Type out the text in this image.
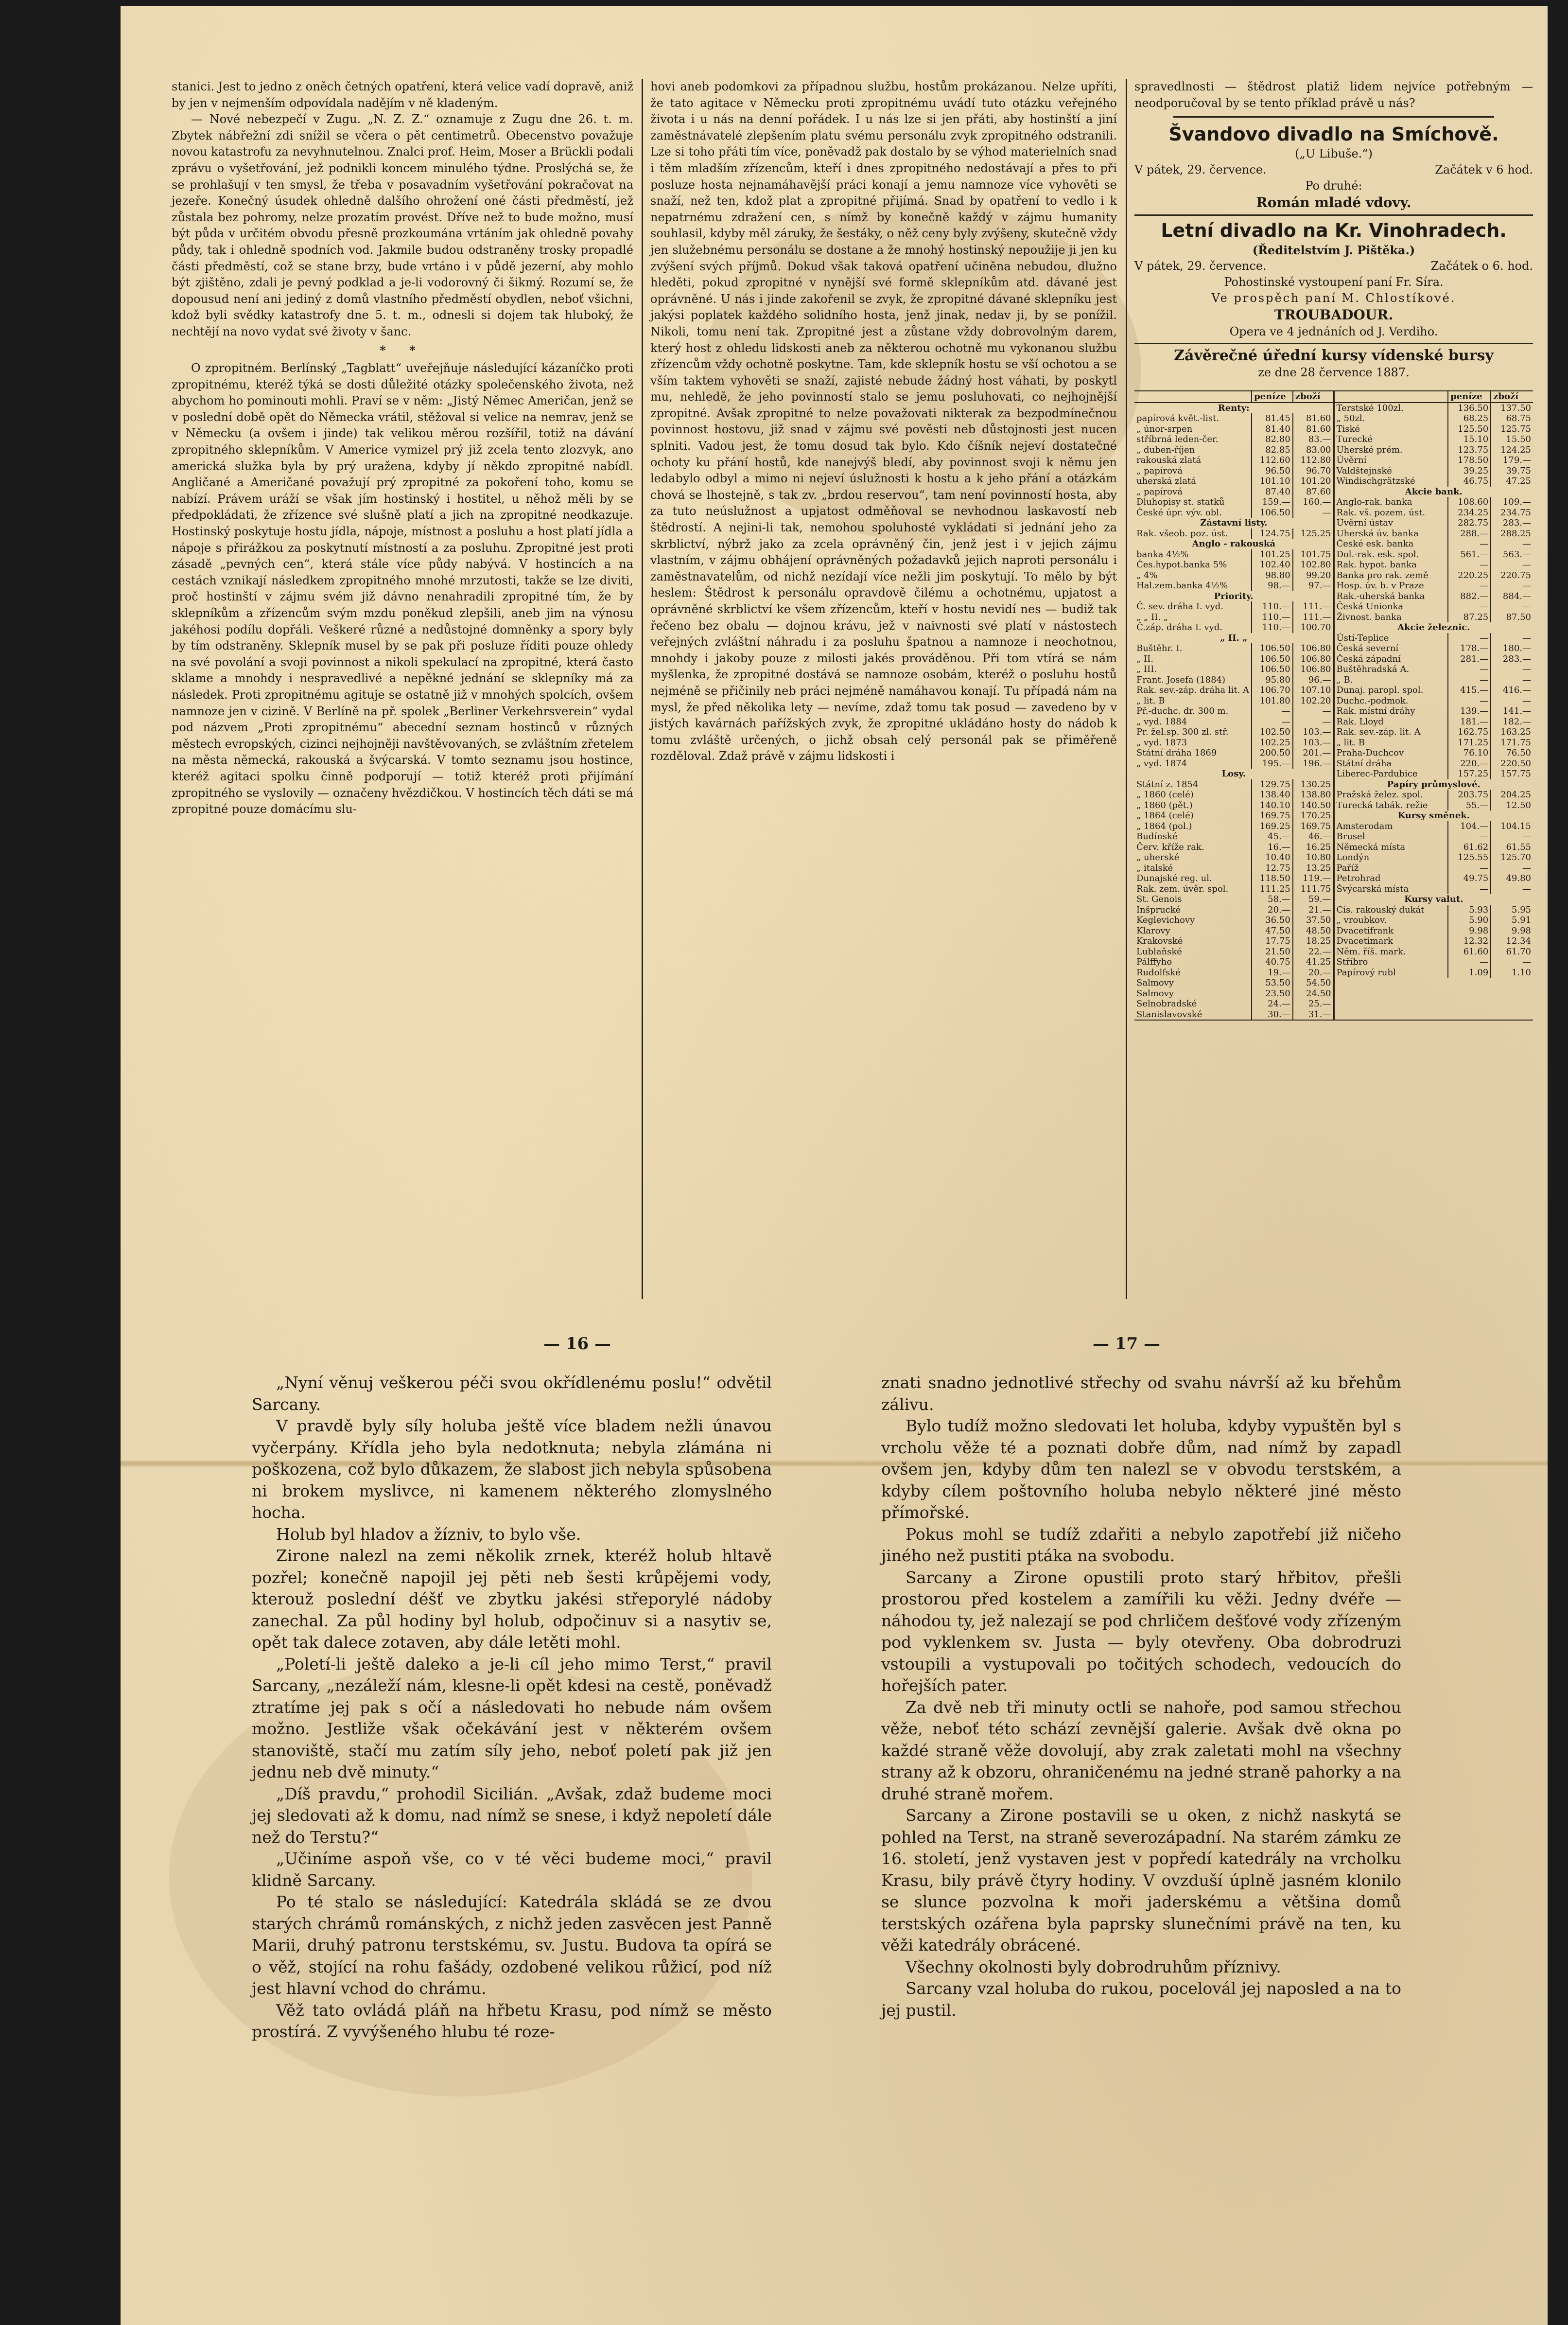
stanici. Jest to jedno z oněch četných opatření, která velice vadí dopravě, aniž by jen v nejmenším odpovídala nadějím v ně kladeným.

— Nové nebezpečí v Zugu. „N. Z. Z.“ oznamuje z Zugu dne 26. t. m. Zbytek nábřežní zdi snížil se včera o pět centimetrů. Obecenstvo považuje novou katastrofu za nevyhnutelnou. Znalci prof. Heim, Moser a Brückli podali zprávu o vyšetřování, jež podnikli koncem minulého týdne. Proslýchá se, že se prohlašují v ten smysl, že třeba v posavadním vyšetřování pokračovat na jezeře. Konečný úsudek ohledně dalšího ohrožení oné části předměstí, jež zůstala bez pohromy, nelze prozatím provést. Dříve než to bude možno, musí být půda v určitém obvodu přesně prozkoumána vrtáním jak ohledně povahy půdy, tak i ohledně spodních vod. Jakmile budou odstraněny trosky propadlé části předměstí, což se stane brzy, bude vrtáno i v půdě jezerní, aby mohlo být zjištěno, zdali je pevný podklad a je-li vodorovný či šikmý. Rozumí se, že dopousud není ani jediný z domů vlastního předměstí obydlen, neboť všichni, kdož byli svědky katastrofy dne 5. t. m., odnesli si dojem tak hluboký, že nechtějí na novo vydat své životy v šanc.

* *

O zpropitném. Berlínský „Tagblatt“ uveřejňuje následující kázaníčko proti zpropitnému, kteréž týká se dosti důležité otázky společenského života, než abychom ho pominouti mohli. Praví se v něm: „Jistý Němec Američan, jenž se v poslední době opět do Německa vrátil, stěžoval si velice na nemrav, jenž se v Německu (a ovšem i jinde) tak velikou měrou rozšířil, totiž na dávání zpropitného sklepníkům. V Americe vymizel prý již zcela tento zlozvyk, ano americká služka byla by prý uražena, kdyby jí někdo zpropitné nabídl. Angličané a Američané považují prý zpropitné za pokoření toho, komu se nabízí. Právem uráží se však jím hostinský i hostitel, u něhož měli by se předpokládati, že zřízence své slušně platí a jich na zpropitné neodkazuje. Hostinský poskytuje hostu jídla, nápoje, místnost a posluhu a host platí jídla a nápoje s přirážkou za poskytnutí místností a za posluhu. Zpropitné jest proti zásadě „pevných cen“, která stále více půdy nabývá. V hostincích a na cestách vznikají následkem zpropitného mnohé mrzutosti, takže se lze diviti, proč hostinští v zájmu svém již dávno nenahradili zpropitné tím, že by sklepníkům a zřízencům svým mzdu poněkud zlepšili, aneb jim na výnosu jakéhosi podílu dopřáli. Veškeré různé a nedůstojné domněnky a spory byly by tím odstraněny. Sklepník musel by se pak při posluze říditi pouze ohledy na své povolání a svoji povinnost a nikoli spekulací na zpropitné, která často sklame a mnohdy i nespravedlivé a nepěkné jednání se sklepníky má za následek. Proti zpropitnému agituje se ostatně již v mnohých spolcích, ovšem namnoze jen v cizině. V Berlíně na př. spolek „Berliner Verkehrsverein“ vydal pod názvem „Proti zpropitnému“ abecední seznam hostinců v různých městech evropských, cizinci nejhojněji navštěvovaných, se zvláštním zřetelem na města německá, rakouská a švýcarská. V tomto seznamu jsou hostince, kteréž agitaci spolku činně podporují — totiž kteréž proti přijímání zpropitného se vyslovily — označeny hvězdičkou. V hostincích těch dáti se má zpropitné pouze domácímu slu-

hovi aneb podomkovi za případnou službu, hostům prokázanou. Nelze upříti, že tato agitace v Německu proti zpropitnému uvádí tuto otázku veřejného života i u nás na denní pořádek. I u nás lze si jen přáti, aby hostinští a jiní zaměstnávatelé zlepšením platu svému personálu zvyk zpropitného odstranili. Lze si toho přáti tím více, poněvadž pak dostalo by se výhod materielních snad i těm mladším zřízencům, kteří i dnes zpropitného nedostávají a přes to při posluze hosta nejnamáhavější práci konají a jemu namnoze více vyhověti se snaží, než ten, kdož plat a zpropitné přijímá. Snad by opatření to vedlo i k nepatrnému zdražení cen, s nímž by konečně každý v zájmu humanity souhlasil, kdyby měl záruky, že šestáky, o něž ceny byly zvýšeny, skutečně vždy jen služebnému personálu se dostane a že mnohý hostinský nepoužije ji jen ku zvýšení svých příjmů. Dokud však taková opatření učiněna nebudou, dlužno hleděti, pokud zpropitné v nynější své formě sklepníkům atd. dávané jest oprávněné. U nás i jinde zakořenil se zvyk, že zpropitné dávané sklepníku jest jakýsi poplatek každého solidního hosta, jenž jinak, nedav ji, by se ponížil. Nikoli, tomu není tak. Zpropitné jest a zůstane vždy dobrovolným darem, který host z ohledu lidskosti aneb za některou ochotně mu vykonanou službu zřízencům vždy ochotně poskytne. Tam, kde sklepník hostu se vší ochotou a se vším taktem vyhověti se snaží, zajisté nebude žádný host váhati, by poskytl mu, nehledě, že jeho povinností stalo se jemu posluhovati, co nejhojnější zpropitné. Avšak zpropitné to nelze považovati nikterak za bezpodmínečnou povinnost hostovu, již snad v zájmu své pověsti neb důstojnosti jest nucen splniti. Vadou jest, že tomu dosud tak bylo. Kdo číšník nejeví dostatečné ochoty ku přání hostů, kde nanejvýš bledí, aby povinnost svoji k němu jen ledabylo odbyl a mimo ni nejeví úslužnosti k hostu a k jeho přání a otázkám chová se lhostejně, s tak zv. „brdou reservou“, tam není povinností hosta, aby za tuto neúslužnost a upjatost odměňoval se nevhodnou laskavostí neb štědrostí. A nejini-li tak, nemohou spoluhosté vykládati si jednání jeho za skrblictví, nýbrž jako za zcela oprávněný čin, jenž jest i v jejich zájmu vlastním, v zájmu obhájení oprávněných požadavků jejich naproti personálu i zaměstnavatelům, od nichž nezídají více nežli jim poskytují. To mělo by být heslem: Štědrost k personálu opravdově čilému a ochotnému, upjatost a oprávněné skrblictví ke všem zřízencům, kteří v hostu nevidí nes — budiž tak řečeno bez obalu — dojnou krávu, jež v naivnosti své platí v nástostech veřejných zvláštní náhradu i za posluhu špatnou a namnoze i neochotnou, mnohdy i jakoby pouze z milosti jakés prováděnou. Při tom vtírá se nám myšlenka, že zpropitné dostává se namnoze osobám, kteréž o posluhu hostů nejméně se přičinily neb práci nejméně namáhavou konají. Tu případá nám na mysl, že před několika lety — nevíme, zdaž tomu tak posud — zavedeno by v jistých kavárnách pařížských zvyk, že zpropitné ukládáno hosty do nádob k tomu zvláště určených, o jichž obsah celý personál pak se přiměřeně rozděloval. Zdaž právě v zájmu lidskosti i

spravedlnosti — štědrost platiž lidem nejvíce potřebným — neodporučoval by se tento příklad právě u nás?

Švandovo divadlo na Smíchově.
(„U Libuše.“)
V pátek, 29. července.	Začátek v 6 hod.
Po druhé:
Román mladé vdovy.
Letní divadlo na Kr. Vinohradech.
(Ředitelstvím J. Pištěka.)
V pátek, 29. července.	Začátek o 6. hod.
Pohostinské vystoupení paní Fr. Síra.
Ve prospěch paní M. Chlostíkové.
TROUBADOUR.
Opera ve 4 jednáních od J. Verdiho.
Závěrečné úřední kursy vídenské bursy
ze dne 28 července 1887.
	peníze	zboží
Renty:		
papírová květ.-list.	81.45	81.60
„ únor-srpen	81.40	81.60
stříbrná leden-čer.	82.80	83.—
„ duben-říjen	82.85	83.00
rakouská zlatá	112.60	112.80
„ papírová	96.50	96.70
uherská zlatá	101.10	101.20
„ papírová	87.40	87.60
Dluhopisy st. statků	159.—	160.—
České úpr. výv. obl.	106.50	—
Zástavní listy.		
Rak. všeob. poz. úst.	124.75	125.25
Anglo - rakouská		
banka 4½%	101.25	101.75
Čes.hypot.banka 5%	102.40	102.80
„ 4%	98.80	99.20
Hal.zem.banka 4½%	98.—	97.—
Priority.		
Č. sev. dráha I. vyd.	110.—	111.—
„ „ II. „	110.—	111.—
Č.záp. dráha I. vyd.	110.—	100.70
„ II. „		
Buštěhr. I.	106.50	106.80
„ II.	106.50	106.80
„ III.	106.50	106.80
Frant. Josefa (1884)	95.80	96.—
Rak. sev.-záp. dráha lit. A	106.70	107.10
„ lit. B	101.80	102.20
Př.-duchc. dr. 300 m.	—	—
„ vyd. 1884	—	—
Pr. žel.sp. 300 zl. stř.	102.50	103.—
„ vyd. 1873	102.25	103.—
Státní dráha 1869	200.50	201.—
„ vyd. 1874	195.—	196.—
Losy.		
Státní z. 1854	129.75	130.25
„ 1860 (celé)	138.40	138.80
„ 1860 (pět.)	140.10	140.50
„ 1864 (celé)	169.75	170.25
„ 1864 (pol.)	169.25	169.75
Budínské	45.—	46.—
Červ. kříže rak.	16.—	16.25
„ uherské	10.40	10.80
„ italské	12.75	13.25
Dunajské reg. ul.	118.50	119.—
Rak. zem. úvěr. spol.	111.25	111.75
St. Genois	58.—	59.—
Inšprucké	20.—	21.—
Keglevichovy	36.50	37.50
Klarovy	47.50	48.50
Krakovské	17.75	18.25
Lublaňské	21.50	22.—
Pálffyho	40.75	41.25
Rudolfské	19.—	20.—
Salmovy	53.50	54.50
Salmovy	23.50	24.50
Selnobradské	24.—	25.—
Stanislavovské	30.—	31.—
	peníze	zboží
Terstské 100zl.	136.50	137.50
„ 50zl.	68.25	68.75
Tiské	125.50	125.75
Turecké	15.10	15.50
Uherské prém.	123.75	124.25
Úvěrní	178.50	179.—
Valdštejnské	39.25	39.75
Windischgrätzské	46.75	47.25
Akcie bank.		
Anglo-rak. banka	108.60	109.—
Rak. vš. pozem. úst.	234.25	234.75
Úvěrní ústav	282.75	283.—
Uherská úv. banka	288.—	288.25
České esk. banka	—	—
Dol.-rak. esk. spol.	561.—	563.—
Rak. hypot. banka	—	—
Banka pro rak. země	220.25	220.75
Hosp. úv. b. v Praze	—	—
Rak.-uherská banka	882.—	884.—
Česká Unionka	—	—
Živnost. banka	87.25	87.50
Akcie železnic.		
Ústí-Teplice	—	—
Česká severní	178.—	180.—
Česká západní	281.—	283.—
Buštěhradská A.	—	—
„ B.	—	—
Dunaj. paropl. spol.	415.—	416.—
Duchc.-podmok.	—	—
Rak. místní dráhy	139.—	141.—
Rak. Lloyd	181.—	182.—
Rak. sev.-záp. lit. A	162.75	163.25
„ lit. B	171.25	171.75
Praha-Duchcov	76.10	76.50
Státní dráha	220.—	220.50
Liberec-Pardubice	157.25	157.75
Papíry průmyslové.		
Pražská želez. spol.	203.75	204.25
Turecká tabák. režie	55.—	12.50
Kursy směnek.		
Amsterodam	104.—	104.15
Brusel	—	—
Německá místa	61.62	61.55
Londýn	125.55	125.70
Paříž	—	—
Petrohrad	49.75	49.80
Švýcarská místa	—	—
Kursy valut.		
Cís. rakouský dukát	5.93	5.95
„ vroubkov.	5.90	5.91
Dvacetifrank	9.98	9.98
Dvacetimark	12.32	12.34
Něm. říš. mark.	61.60	61.70
Stříbro	—	—
Papírový rubl	1.09	1.10
— 16 —	— 17 —

„Nyní věnuj veškerou péči svou okřídlenému poslu!“ odvětil Sarcany.

V pravdě byly síly holuba ještě více bladem nežli únavou vyčerpány. Křídla jeho byla nedotknuta; nebyla zlámána ni poškozena, což bylo důkazem, že slabost jich nebyla spůsobena ni brokem myslivce, ni kamenem některého zlomyslného hocha.

Holub byl hladov a žízniv, to bylo vše.

Zirone nalezl na zemi několik zrnek, kteréž holub hltavě pozřel; konečně napojil jej pěti neb šesti krůpějemi vody, kterouž poslední déšť ve zbytku jakési střeporylé nádoby zanechal. Za půl hodiny byl holub, odpočinuv si a nasytiv se, opět tak dalece zotaven, aby dále letěti mohl.

„Poletí-li ještě daleko a je-li cíl jeho mimo Terst,“ pravil Sarcany, „nezáleží nám, klesne-li opět kdesi na cestě, poněvadž ztratíme jej pak s očí a následovati ho nebude nám ovšem možno. Jestliže však očekávání jest v některém ovšem stanoviště, stačí mu zatím síly jeho, neboť poletí pak již jen jednu neb dvě minuty.“

„Díš pravdu,“ prohodil Sicilián. „Avšak, zdaž budeme moci jej sledovati až k domu, nad nímž se snese, i když nepoletí dále než do Terstu?“

„Učiníme aspoň vše, co v té věci budeme moci,“ pravil klidně Sarcany.

Po té stalo se následující: Katedrála skládá se ze dvou starých chrámů románských, z nichž jeden zasvěcen jest Panně Marii, druhý patronu terstskému, sv. Justu. Budova ta opírá se o věž, stojící na rohu fašády, ozdobené velikou růžicí, pod níž jest hlavní vchod do chrámu.

Věž tato ovládá pláň na hřbetu Krasu, pod nímž se město prostírá. Z vyvýšeného hlubu té roze-

znati snadno jednotlivé střechy od svahu návrší až ku břehům zálivu.

Bylo tudíž možno sledovati let holuba, kdyby vypuštěn byl s vrcholu věže té a poznati dobře dům, nad nímž by zapadl ovšem jen, kdyby dům ten nalezl se v obvodu terstském, a kdyby cílem poštovního holuba nebylo některé jiné město přímořské.

Pokus mohl se tudíž zdařiti a nebylo zapotřebí již ničeho jiného než pustiti ptáka na svobodu.

Sarcany a Zirone opustili proto starý hřbitov, přešli prostorou před kostelem a zamířili ku věži. Jedny dvéře — náhodou ty, jež nalezají se pod chrličem dešťové vody zřízeným pod vyklenkem sv. Justa — byly otevřeny. Oba dobrodruzi vstoupili a vystupovali po točitých schodech, vedoucích do hořejších pater.

Za dvě neb tři minuty octli se nahoře, pod samou střechou věže, neboť této schází zevnější galerie. Avšak dvě okna po každé straně věže dovolují, aby zrak zaletati mohl na všechny strany až k obzoru, ohraničenému na jedné straně pahorky a na druhé straně mořem.

Sarcany a Zirone postavili se u oken, z nichž naskytá se pohled na Terst, na straně severozápadní. Na starém zámku ze 16. století, jenž vystaven jest v popředí katedrály na vrcholku Krasu, bily právě čtyry hodiny. V ovzduší úplně jasném klonilo se slunce pozvolna k moři jaderskému a většina domů terstských ozářena byla paprsky slunečními právě na ten, ku věži katedrály obrácené.

Všechny okolnosti byly dobrodruhům příznivy.

Sarcany vzal holuba do rukou, pocelovál jej naposled a na to jej pustil.
